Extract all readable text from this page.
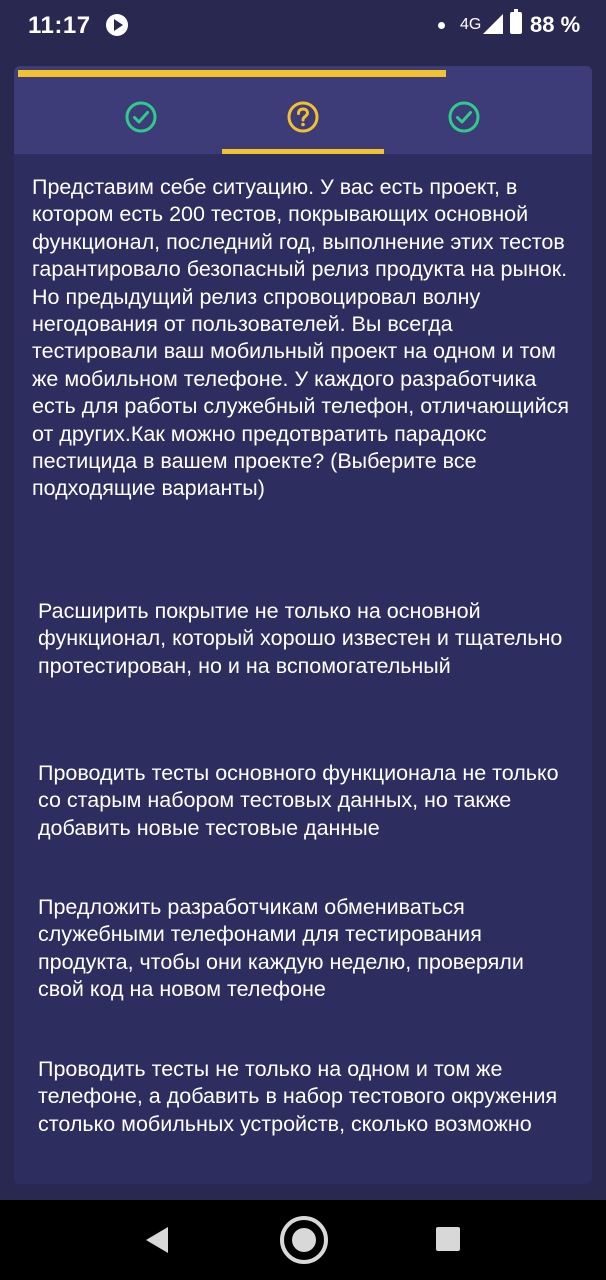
11:17	4G 88 %

Представим себе ситуацию. У вас есть проект, в котором есть 200 тестов, покрывающих основной функционал, последний год, выполнение этих тестов гарантировало безопасный релиз продукта на рынок. Но предыдущий релиз спровоцировал волну негодования от пользователей. Вы всегда тестировали ваш мобильный проект на одном и том же мобильном телефоне. У каждого разработчика есть для работы служебный телефон, отличающийся от других.Как можно предотвратить парадокс пестицида в вашем проекте? (Выберите все подходящие варианты)

Расширить покрытие не только на основной функционал, который хорошо известен и тщательно протестирован, но и на вспомогательный
Проводить тесты основного функционала не только со старым набором тестовых данных, но также добавить новые тестовые данные
Предложить разработчикам обмениваться служебными телефонами для тестирования продукта, чтобы они каждую неделю, проверяли свой код на новом телефоне
Проводить тесты не только на одном и том же телефоне, а добавить в набор тестового окружения столько мобильных устройств, сколько возможно
